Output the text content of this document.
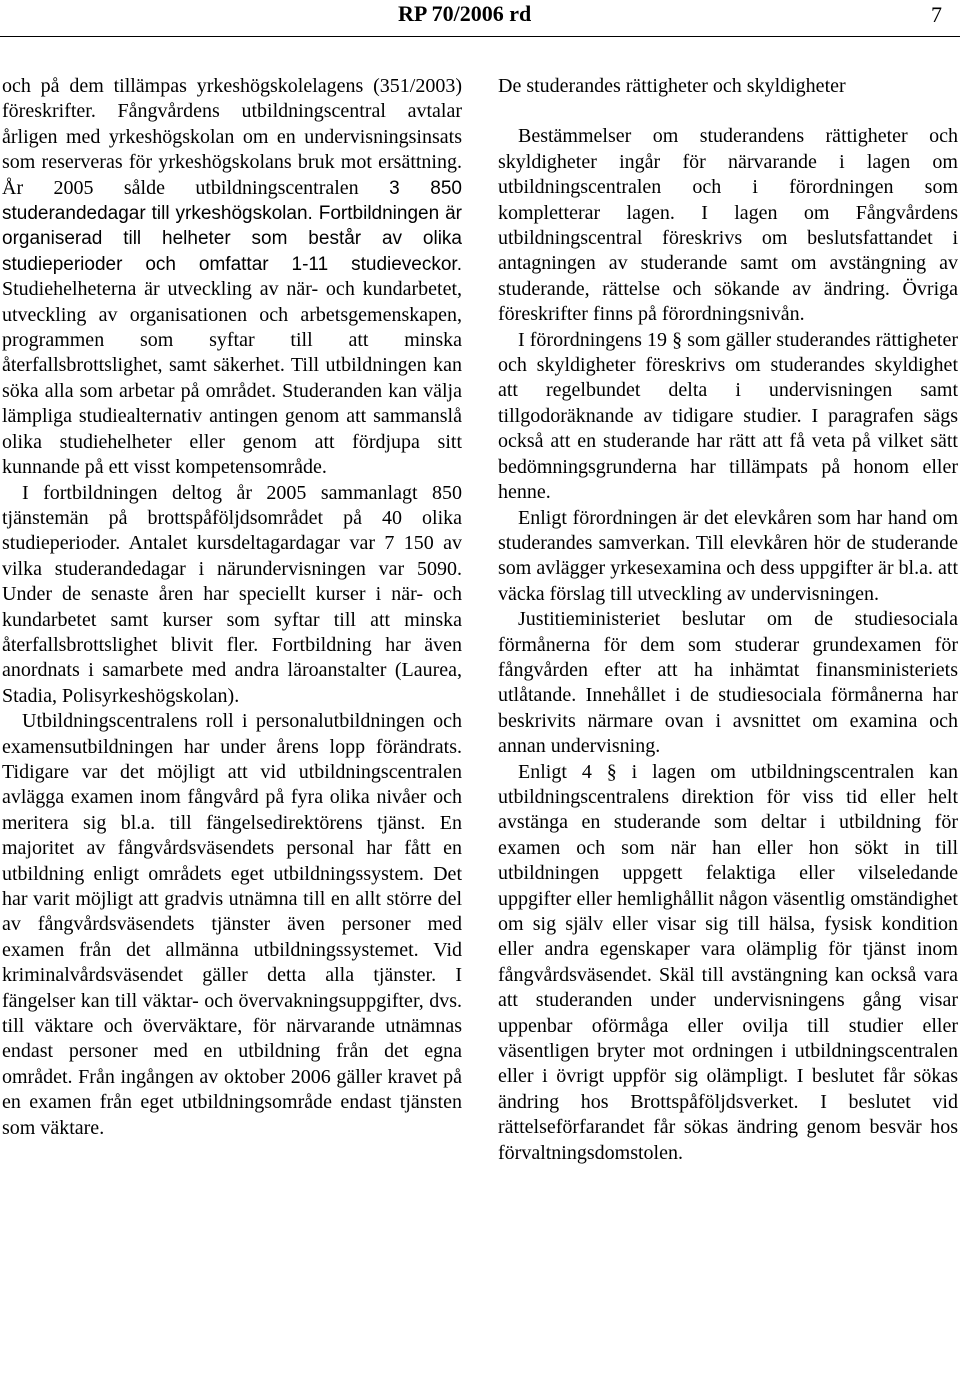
RP 70/2006 rd	7

och på dem tillämpas yrkeshögskolelagens (351/2003) föreskrifter. Fångvårdens utbildningscentral avtalar årligen med yrkeshögskolan om en undervisningsinsats som reserveras för yrkeshögskolans bruk mot ersättning. År 2005 sålde utbildningscentralen 3 850 studerandedagar till yrkeshögskolan. Fortbildningen är organiserad till helheter som består av olika studieperioder och omfattar 1-11 studieveckor. Studiehelheterna är utveckling av när- och kundarbetet, utveckling av organisationen och arbetsgemenskapen, programmen som syftar till att minska återfallsbrottslighet, samt säkerhet. Till utbildningen kan söka alla som arbetar på området. Studeranden kan välja lämpliga studiealternativ antingen genom att sammanslå olika studiehelheter eller genom att fördjupa sitt kunnande på ett visst kompetensområde.

I fortbildningen deltog år 2005 sammanlagt 850 tjänstemän på brottspåföljdsområdet på 40 olika studieperioder. Antalet kursdeltagardagar var 7 150 av vilka studerandedagar i närundervisningen var 5090. Under de senaste åren har speciellt kurser i när- och kundarbetet samt kurser som syftar till att minska återfallsbrottslighet blivit fler. Fortbildning har även anordnats i samarbete med andra läroanstalter (Laurea, Stadia, Polisyrkeshögskolan).

Utbildningscentralens roll i personalutbildningen och examensutbildningen har under årens lopp förändrats. Tidigare var det möjligt att vid utbildningscentralen avlägga examen inom fångvård på fyra olika nivåer och meritera sig bl.a. till fängelsedirektörens tjänst. En majoritet av fångvårdsväsendets personal har fått en utbildning enligt områdets eget utbildningssystem. Det har varit möjligt att gradvis utnämna till en allt större del av fångvårdsväsendets tjänster även personer med examen från det allmänna utbildningssystemet. Vid kriminalvårdsväsendet gäller detta alla tjänster. I fängelser kan till väktar- och övervakningsuppgifter, dvs. till väktare och överväktare, för närvarande utnämnas endast personer med en utbildning från det egna området. Från ingången av oktober 2006 gäller kravet på en examen från eget utbildningsområde endast tjänsten som väktare.

De studerandes rättigheter och skyldigheter

Bestämmelser om studerandens rättigheter och skyldigheter ingår för närvarande i lagen om utbildningscentralen och i förordningen som kompletterar lagen. I lagen om Fångvårdens utbildningscentral föreskrivs om beslutsfattandet i antagningen av studerande samt om avstängning av studerande, rättelse och sökande av ändring. Övriga föreskrifter finns på förordningsnivån.

I förordningens 19 § som gäller studerandes rättigheter och skyldigheter föreskrivs om studerandes skyldighet att regelbundet delta i undervisningen samt tillgodoräknande av tidigare studier. I paragrafen sägs också att en studerande har rätt att få veta på vilket sätt bedömningsgrunderna har tillämpats på honom eller henne.

Enligt förordningen är det elevkåren som har hand om studerandes samverkan. Till elevkåren hör de studerande som avlägger yrkesexamina och dess uppgifter är bl.a. att väcka förslag till utveckling av undervisningen.

Justitieministeriet beslutar om de studiesociala förmånerna för dem som studerar grundexamen för fångvården efter att ha inhämtat finansministeriets utlåtande. Innehållet i de studiesociala förmånerna har beskrivits närmare ovan i avsnittet om examina och annan undervisning.

Enligt 4 § i lagen om utbildningscentralen kan utbildningscentralens direktion för viss tid eller helt avstänga en studerande som deltar i utbildning för examen och som när han eller hon sökt in till utbildningen uppgett felaktiga eller vilseledande uppgifter eller hemlighållit någon väsentlig omständighet om sig själv eller visar sig till hälsa, fysisk kondition eller andra egenskaper vara olämplig för tjänst inom fångvårdsväsendet. Skäl till avstängning kan också vara att studeranden under undervisningens gång visar uppenbar oförmåga eller ovilja till studier eller väsentligen bryter mot ordningen i utbildningscentralen eller i övrigt uppför sig olämpligt. I beslutet får sökas ändring hos Brottspåföljdsverket. I beslutet vid rättelseförfarandet får sökas ändring genom besvär hos förvaltningsdomstolen.
